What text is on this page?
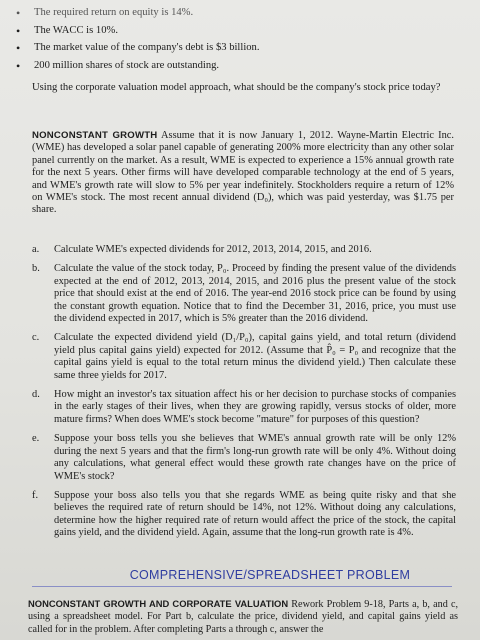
• The required return on equity is 14%.
• The WACC is 10%.
• The market value of the company's debt is $3 billion.
• 200 million shares of stock are outstanding.
Using the corporate valuation model approach, what should be the company's stock price today?
NONCONSTANT GROWTH Assume that it is now January 1, 2012. Wayne-Martin Electric Inc. (WME) has developed a solar panel capable of generating 200% more electricity than any other solar panel currently on the market. As a result, WME is expected to experience a 15% annual growth rate for the next 5 years. Other firms will have developed comparable technology at the end of 5 years, and WME's growth rate will slow to 5% per year indefinitely. Stockholders require a return of 12% on WME's stock. The most recent annual dividend (D₀), which was paid yesterday, was $1.75 per share.
a.	Calculate WME's expected dividends for 2012, 2013, 2014, 2015, and 2016.
b.	Calculate the value of the stock today, P₀. Proceed by finding the present value of the dividends expected at the end of 2012, 2013, 2014, 2015, and 2016 plus the present value of the stock price that should exist at the end of 2016. The year-end 2016 stock price can be found by using the constant growth equation. Notice that to find the December 31, 2016, price, you must use the dividend expected in 2017, which is 5% greater than the 2016 dividend.
c.	Calculate the expected dividend yield (D₁/P₀), capital gains yield, and total return (dividend yield plus capital gains yield) expected for 2012. (Assume that P̂₀ = P₀ and recognize that the capital gains yield is equal to the total return minus the dividend yield.) Then calculate these same three yields for 2017.
d.	How might an investor's tax situation affect his or her decision to purchase stocks of companies in the early stages of their lives, when they are growing rapidly, versus stocks of older, more mature firms? When does WME's stock become "mature" for purposes of this question?
e.	Suppose your boss tells you she believes that WME's annual growth rate will be only 12% during the next 5 years and that the firm's long-run growth rate will be only 4%. Without doing any calculations, what general effect would these growth rate changes have on the price of WME's stock?
f.	Suppose your boss also tells you that she regards WME as being quite risky and that she believes the required rate of return should be 14%, not 12%. Without doing any calculations, determine how the higher required rate of return would affect the price of the stock, the capital gains yield, and the dividend yield. Again, assume that the long-run growth rate is 4%.
COMPREHENSIVE/SPREADSHEET PROBLEM
NONCONSTANT GROWTH AND CORPORATE VALUATION Rework Problem 9-18, Parts a, b, and c, using a spreadsheet model. For Part b, calculate the price, dividend yield, and capital gains yield as called for in the problem. After completing Parts a through c, answer the
